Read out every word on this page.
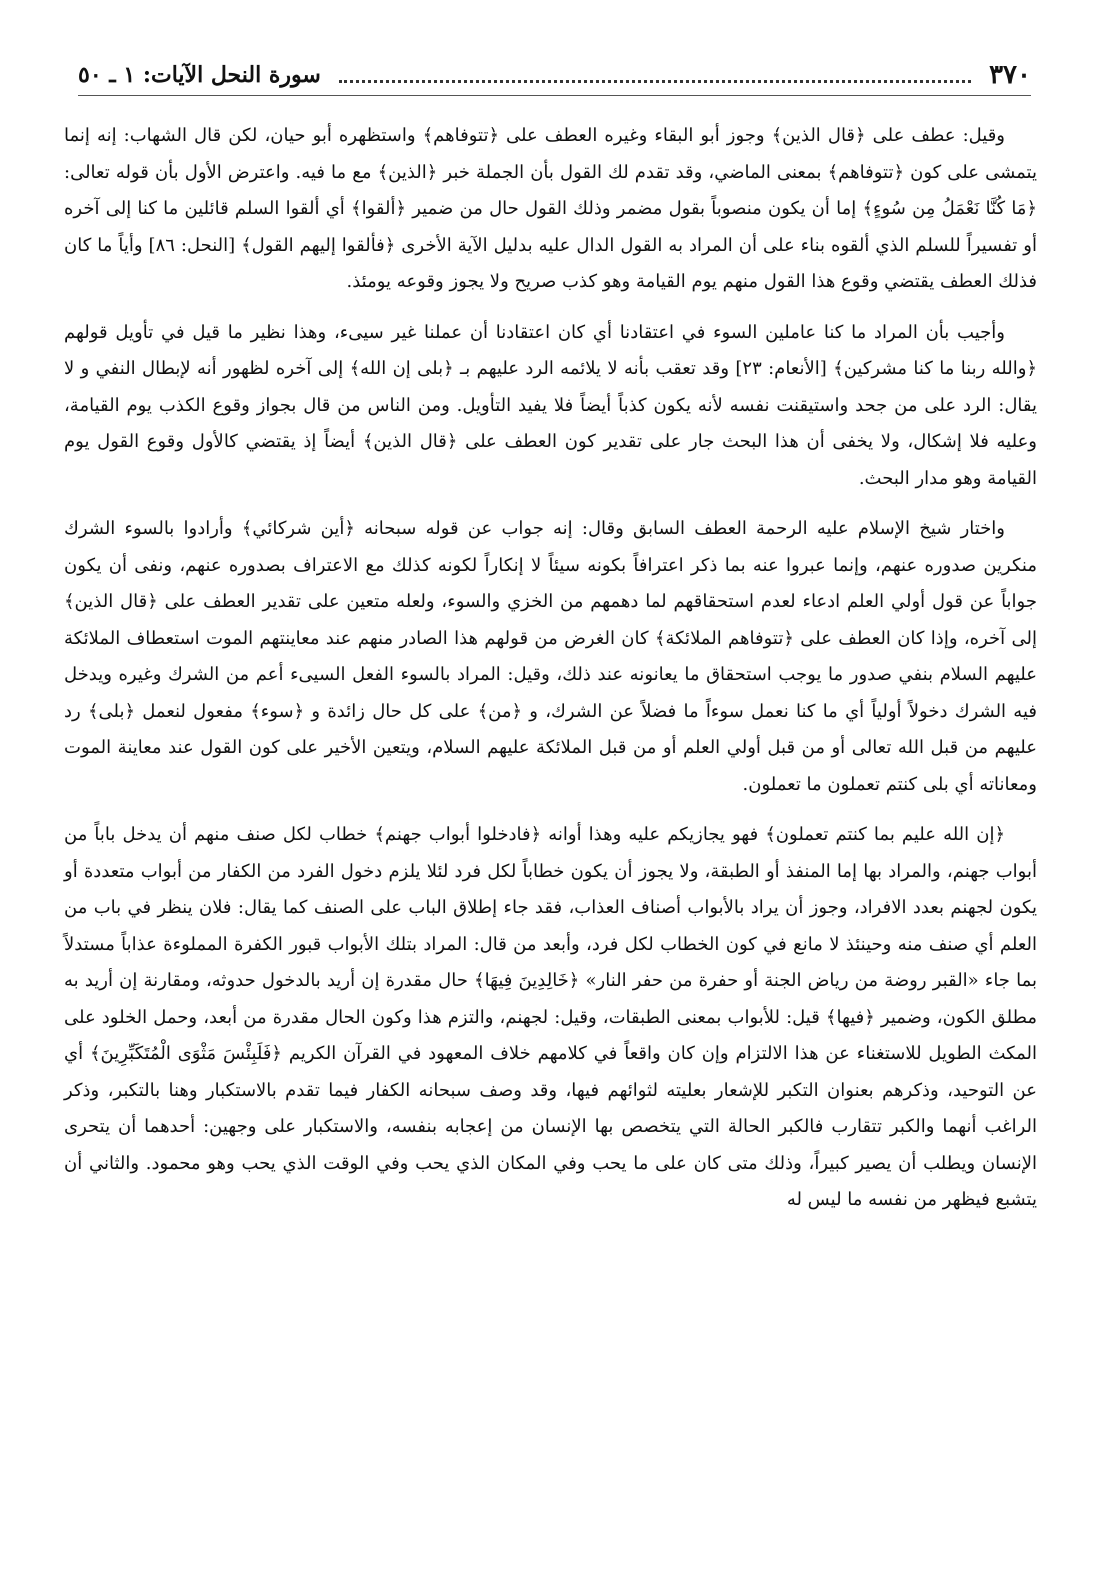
٣٧٠
سورة النحل الآيات: ١ ـ ٥٠

وقيل: عطف على ﴿قال الذين﴾ وجوز أبو البقاء وغيره العطف على ﴿تتوفاهم﴾ واستظهره أبو حيان، لكن قال الشهاب: إنه إنما يتمشى على كون ﴿تتوفاهم﴾ بمعنى الماضي، وقد تقدم لك القول بأن الجملة خبر ﴿الذين﴾ مع ما فيه. واعترض الأول بأن قوله تعالى: ﴿مَا كُنَّا نَعْمَلُ مِن سُوءٍ﴾ إما أن يكون منصوباً بقول مضمر وذلك القول حال من ضمير ﴿ألقوا﴾ أي ألقوا السلم قائلين ما كنا إلى آخره أو تفسيراً للسلم الذي ألقوه بناء على أن المراد به القول الدال عليه بدليل الآية الأخرى ﴿فألقوا إليهم القول﴾ [النحل: ٨٦] وأياً ما كان فذلك العطف يقتضي وقوع هذا القول منهم يوم القيامة وهو كذب صريح ولا يجوز وقوعه يومئذ.

وأجيب بأن المراد ما كنا عاملين السوء في اعتقادنا أي كان اعتقادنا أن عملنا غير سيىء، وهذا نظير ما قيل في تأويل قولهم ﴿والله ربنا ما كنا مشركين﴾ [الأنعام: ٢٣] وقد تعقب بأنه لا يلائمه الرد عليهم بـ ﴿بلى إن الله﴾ إلى آخره لظهور أنه لإبطال النفي و لا يقال: الرد على من جحد واستيقنت نفسه لأنه يكون كذباً أيضاً فلا يفيد التأويل. ومن الناس من قال بجواز وقوع الكذب يوم القيامة، وعليه فلا إشكال، ولا يخفى أن هذا البحث جار على تقدير كون العطف على ﴿قال الذين﴾ أيضاً إذ يقتضي كالأول وقوع القول يوم القيامة وهو مدار البحث.

واختار شيخ الإسلام عليه الرحمة العطف السابق وقال: إنه جواب عن قوله سبحانه ﴿أين شركائي﴾ وأرادوا بالسوء الشرك منكرين صدوره عنهم، وإنما عبروا عنه بما ذكر اعترافاً بكونه سيئاً لا إنكاراً لكونه كذلك مع الاعتراف بصدوره عنهم، ونفى أن يكون جواباً عن قول أولي العلم ادعاء لعدم استحقاقهم لما دهمهم من الخزي والسوء، ولعله متعين على تقدير العطف على ﴿قال الذين﴾ إلى آخره، وإذا كان العطف على ﴿تتوفاهم الملائكة﴾ كان الغرض من قولهم هذا الصادر منهم عند معاينتهم الموت استعطاف الملائكة عليهم السلام بنفي صدور ما يوجب استحقاق ما يعانونه عند ذلك، وقيل: المراد بالسوء الفعل السيىء أعم من الشرك وغيره ويدخل فيه الشرك دخولاً أولياً أي ما كنا نعمل سوءاً ما فضلاً عن الشرك، و ﴿من﴾ على كل حال زائدة و ﴿سوء﴾ مفعول لنعمل ﴿بلى﴾ رد عليهم من قبل الله تعالى أو من قبل أولي العلم أو من قبل الملائكة عليهم السلام، ويتعين الأخير على كون القول عند معاينة الموت ومعاناته أي بلى كنتم تعملون ما تعملون.

﴿إن الله عليم بما كنتم تعملون﴾ فهو يجازيكم عليه وهذا أوانه ﴿فادخلوا أبواب جهنم﴾ خطاب لكل صنف منهم أن يدخل باباً من أبواب جهنم، والمراد بها إما المنفذ أو الطبقة، ولا يجوز أن يكون خطاباً لكل فرد لئلا يلزم دخول الفرد من الكفار من أبواب متعددة أو يكون لجهنم بعدد الافراد، وجوز أن يراد بالأبواب أصناف العذاب، فقد جاء إطلاق الباب على الصنف كما يقال: فلان ينظر في باب من العلم أي صنف منه وحينئذ لا مانع في كون الخطاب لكل فرد، وأبعد من قال: المراد بتلك الأبواب قبور الكفرة المملوءة عذاباً مستدلاً بما جاء «القبر روضة من رياض الجنة أو حفرة من حفر النار» ﴿خَالِدِينَ فِيهَا﴾ حال مقدرة إن أريد بالدخول حدوثه، ومقارنة إن أريد به مطلق الكون، وضمير ﴿فيها﴾ قيل: للأبواب بمعنى الطبقات، وقيل: لجهنم، والتزم هذا وكون الحال مقدرة من أبعد، وحمل الخلود على المكث الطويل للاستغناء عن هذا الالتزام وإن كان واقعاً في كلامهم خلاف المعهود في القرآن الكريم ﴿فَلَبِئْسَ مَثْوَى الْمُتَكَبِّرِينَ﴾ أي عن التوحيد، وذكرهم بعنوان التكبر للإشعار بعليته لثوائهم فيها، وقد وصف سبحانه الكفار فيما تقدم بالاستكبار وهنا بالتكبر، وذكر الراغب أنهما والكبر تتقارب فالكبر الحالة التي يتخصص بها الإنسان من إعجابه بنفسه، والاستكبار على وجهين: أحدهما أن يتحرى الإنسان ويطلب أن يصير كبيراً، وذلك متى كان على ما يحب وفي المكان الذي يحب وفي الوقت الذي يحب وهو محمود. والثاني أن يتشبع فيظهر من نفسه ما ليس له
